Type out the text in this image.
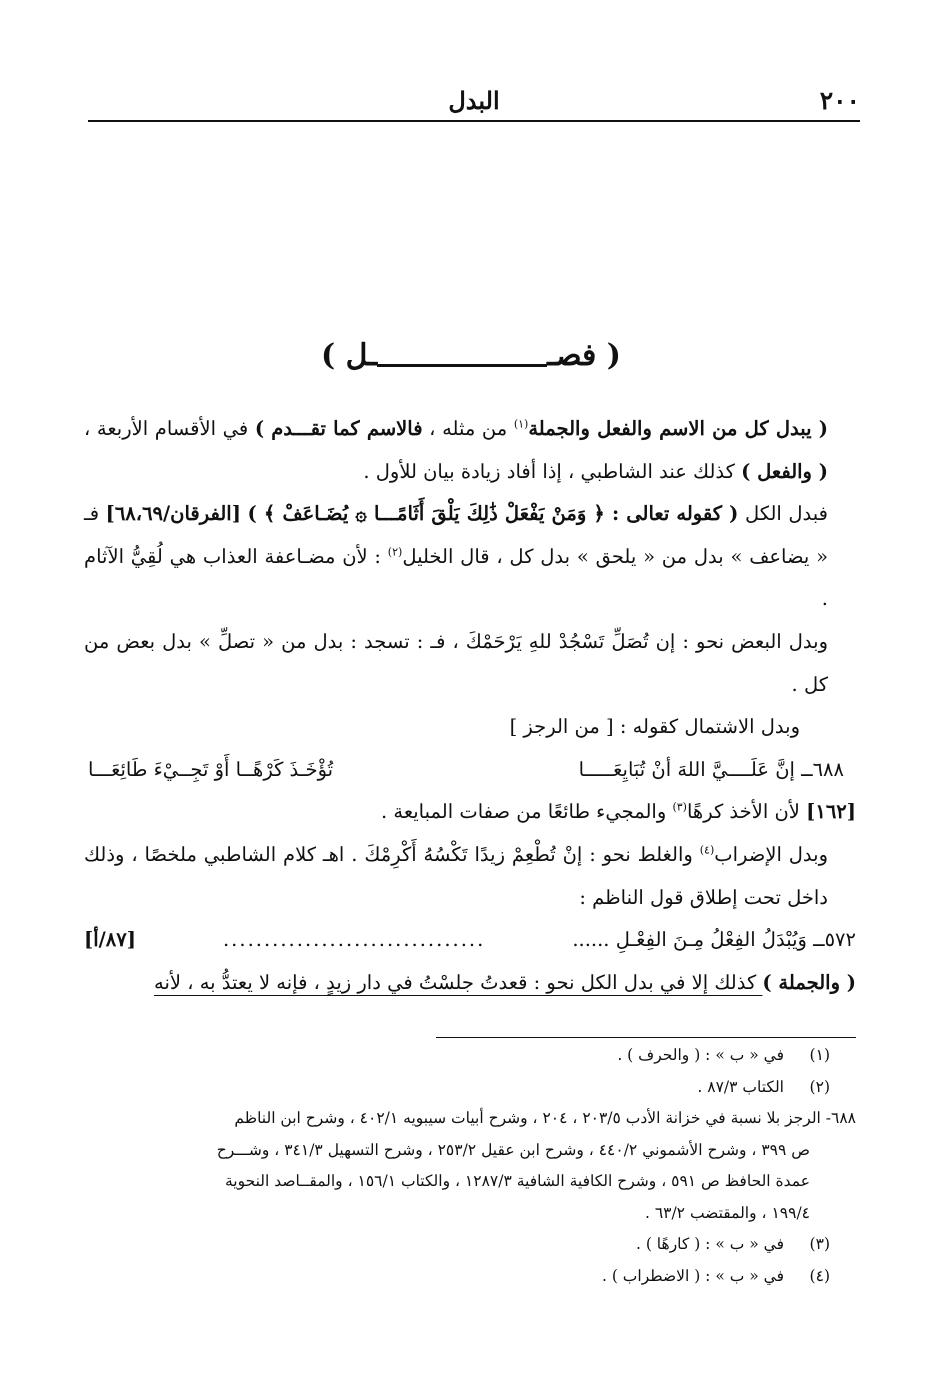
٢٠٠
البدل
( فصــل )

( يبدل كل من الاسم والفعل والجملة$^{(١)}$ من مثله ، فالاسم كما تقـــدم ) في الأقسام الأربعة ، ( والفعل ) كذلك عند الشاطبي ، إذا أفاد زيادة بيان للأول .

فبدل الكل ( كقوله تعالى : ﴿ وَمَنْ يَفْعَلْ ذَٰلِكَ يَلْقَ أَثَامًـــا ۞ يُضَـاعَفْ ﴾ ) [الفرقان/٦٨،٦٩] فـ « يضاعف » بدل من « يلحق » بدل كل ، قال الخليل$^{(٢)}$ : لأن مضـاعفة العذاب هي لُقِيُّ الآثام .

وبدل البعض نحو : إن تُصَلِّ تَسْجُدْ للهِ يَرْحَمْكَ ، فـ : تسجد : بدل من « تصلِّ » بدل بعض من كل .

وبدل الاشتمال كقوله : [ من الرجز ]

٦٨٨ــ إنَّ عَلَــــيَّ اللهَ أنْ تُبَايِعَـــــا
تُؤْخَـذَ كَرْهًــا أَوْ تَجِــيْءَ طَائِعَـــا

[١٦٢] لأن الأخذ كرهًا$^{(٣)}$ والمجيء طائعًا من صفات المبايعة .

وبدل الإضراب$^{(٤)}$ والغلط نحو : إنْ تُطْعِمْ زيدًا تَكْسُهُ أَكْرِمْكَ . اهـ كلام الشاطبي ملخصًا ، وذلك داخل تحت إطلاق قول الناظم :

٥٧٢ــ وَيُبْدَلُ الفِعْلُ مِـنَ الفِعْـلِ ......
................................
[٨٧/أ]

( والجملة ) كذلك إلا في بدل الكل نحو : قعدتُ جلسْتُ في دار زيدٍ ، فإنه لا يعتدُّ به ، لأنه

(١)في « ب » : ( والحرف ) .

(٢)الكتاب ٨٧/٣ .

٦٨٨- الرجز بلا نسبة في خزانة الأدب ٢٠٣/٥ ، ٢٠٤ ، وشرح أبيات سيبويه ٤٠٢/١ ، وشرح ابن الناظم

ص ٣٩٩ ، وشرح الأشموني ٤٤٠/٢ ، وشرح ابن عقيل ٢٥٣/٢ ، وشرح التسهيل ٣٤١/٣ ، وشـــرح

عمدة الحافظ ص ٥٩١ ، وشرح الكافية الشافية ١٢٨٧/٣ ، والكتاب ١٥٦/١ ، والمقــاصد النحوية

١٩٩/٤ ، والمقتضب ٦٣/٢ .

(٣)في « ب » : ( كارهًا ) .

(٤)في « ب » : ( الاضطراب ) .
